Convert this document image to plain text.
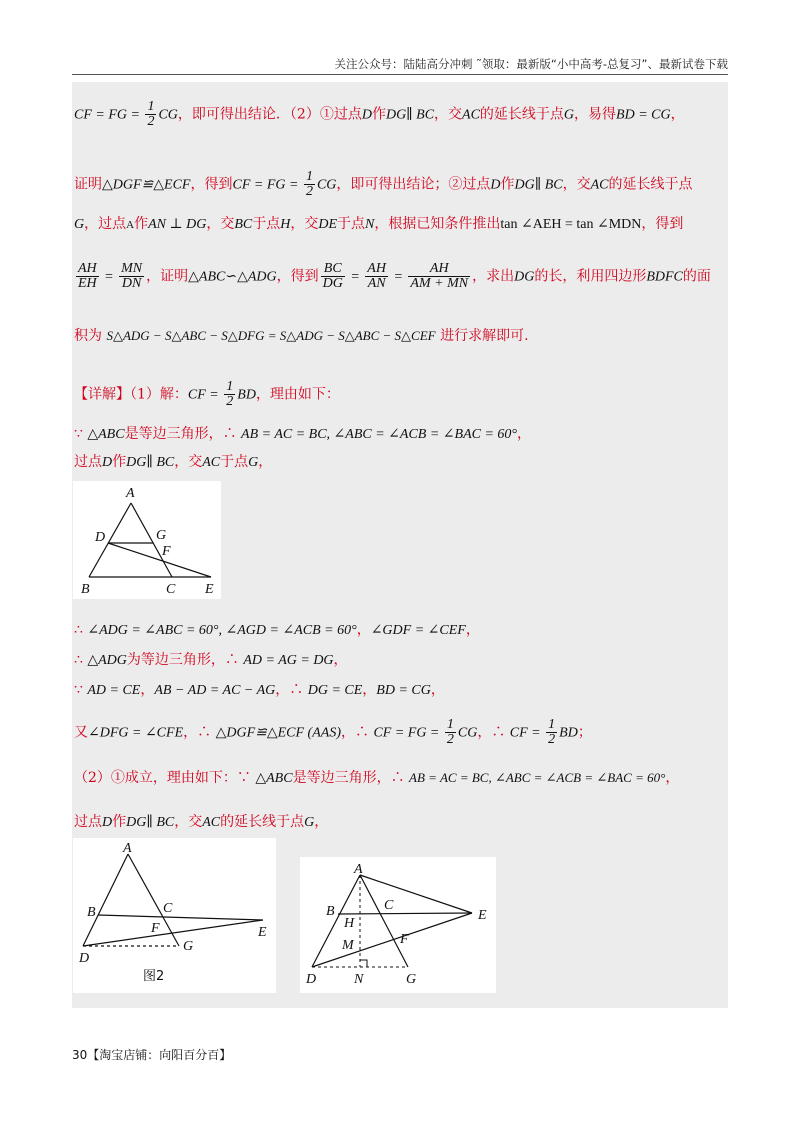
关注公众号：陆陆高分冲刺 ˜领取：最新版“小中高考-总复习”、最新试卷下载
CF = FG = $\frac{1}{2}$ CG，即可得出结论．（2）①过点D作DG∥ BC，交AC的延长线于点G，易得BD = CG，
证明△DGF≌△ECF，得到CF = FG = $\frac{1}{2}$ CG，即可得出结论；②过点D作DG∥ BC，交AC的延长线于点
G，过点A作AN ⊥ DG，交BC于点H，交DE于点N，根据已知条件推出tan ∠AEH = tan ∠MDN，得到
$\frac{AH}{EH} = \frac{MN}{DN}$ ，证明△ABC∽△ADG，得到 $\frac{BC}{DG} = \frac{AH}{AN} = \frac{AH}{AM + MN}$ ，求出DG的长，利用四边形BDFC的面
积为 S△ADG − S△ABC − S△DFG = S△ADG − S△ABC − S△CEF 进行求解即可.
【详解】（1）解：CF = $\frac{1}{2}$ BD，理由如下：
∵ △ABC是等边三角形，∴ AB = AC = BC, ∠ABC = ∠ACB = ∠BAC = 60°，
过点D作DG∥ BC，交AC于点G，
A
D	G
F
B	C E
∴ ∠ADG = ∠ABC = 60°, ∠AGD = ∠ACB = 60°，∠GDF = ∠CEF，
∴ △ADG为等边三角形，∴ AD = AG = DG，
∵ AD = CE，AB − AD = AC − AG，∴ DG = CE，BD = CG，
又∠DFG = ∠CFE，∴ △DGF≌△ECF (AAS)，∴ CF = FG = $\frac{1}{2}$ CG，∴ CF = $\frac{1}{2}$ BD；
（2）①成立，理由如下：∵ △ABC是等边三角形，∴ AB = AC = BC, ∠ABC = ∠ACB = ∠BAC = 60°，
过点D作DG∥ BC，交AC的延长线于点G，
A
B	C
F
G
E
D
图2
A
B
H
C
E
M	F
D	N	G
30【淘宝店铺：向阳百分百】
